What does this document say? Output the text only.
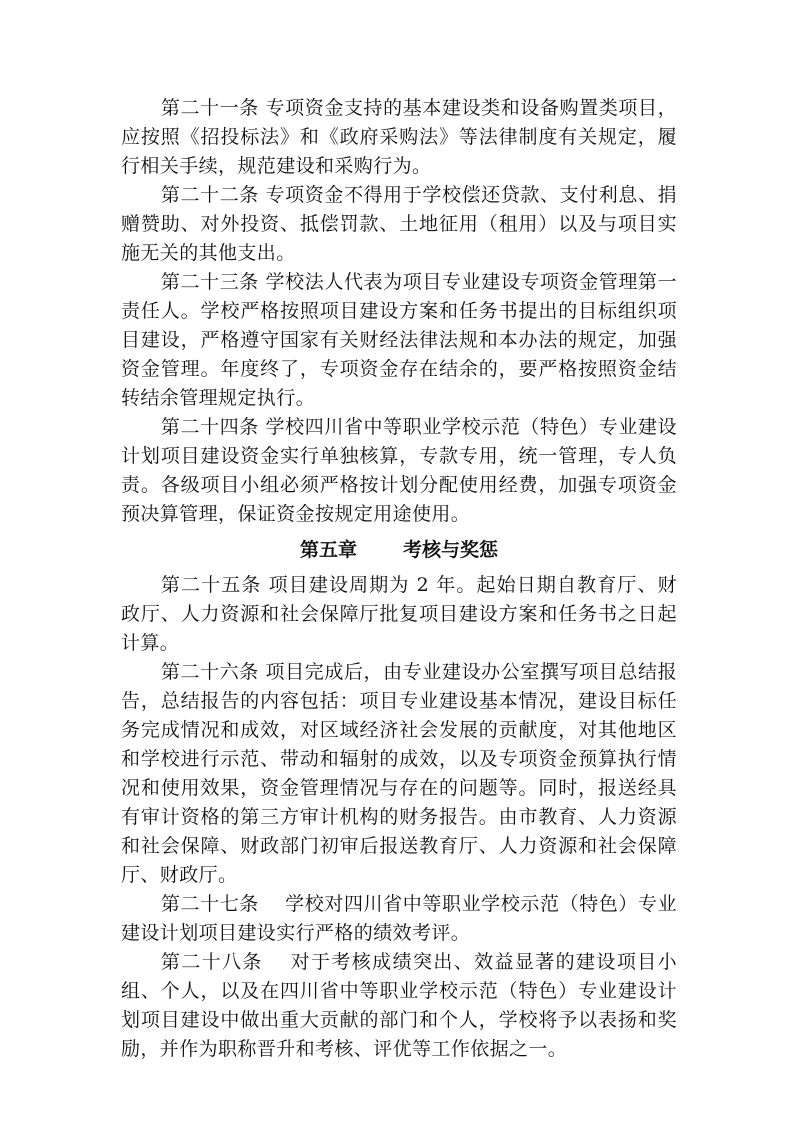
第二十一条 专项资金支持的基本建设类和设备购置类项目，应按照《招投标法》和《政府采购法》等法律制度有关规定，履行相关手续，规范建设和采购行为。

第二十二条 专项资金不得用于学校偿还贷款、支付利息、捐赠赞助、对外投资、抵偿罚款、土地征用（租用）以及与项目实施无关的其他支出。

第二十三条 学校法人代表为项目专业建设专项资金管理第一责任人。学校严格按照项目建设方案和任务书提出的目标组织项目建设，严格遵守国家有关财经法律法规和本办法的规定，加强资金管理。年度终了，专项资金存在结余的，要严格按照资金结转结余管理规定执行。

第二十四条 学校四川省中等职业学校示范（特色）专业建设计划项目建设资金实行单独核算，专款专用，统一管理，专人负责。各级项目小组必须严格按计划分配使用经费，加强专项资金预决算管理，保证资金按规定用途使用。

第五章 考核与奖惩

第二十五条 项目建设周期为 2 年。起始日期自教育厅、财政厅、人力资源和社会保障厅批复项目建设方案和任务书之日起计算。

第二十六条 项目完成后，由专业建设办公室撰写项目总结报告，总结报告的内容包括：项目专业建设基本情况，建设目标任务完成情况和成效，对区域经济社会发展的贡献度，对其他地区和学校进行示范、带动和辐射的成效，以及专项资金预算执行情况和使用效果，资金管理情况与存在的问题等。同时，报送经具有审计资格的第三方审计机构的财务报告。由市教育、人力资源和社会保障、财政部门初审后报送教育厅、人力资源和社会保障厅、财政厅。

第二十七条　 学校对四川省中等职业学校示范（特色）专业建设计划项目建设实行严格的绩效考评。

第二十八条　 对于考核成绩突出、效益显著的建设项目小组、个人，以及在四川省中等职业学校示范（特色）专业建设计划项目建设中做出重大贡献的部门和个人，学校将予以表扬和奖励，并作为职称晋升和考核、评优等工作依据之一。
